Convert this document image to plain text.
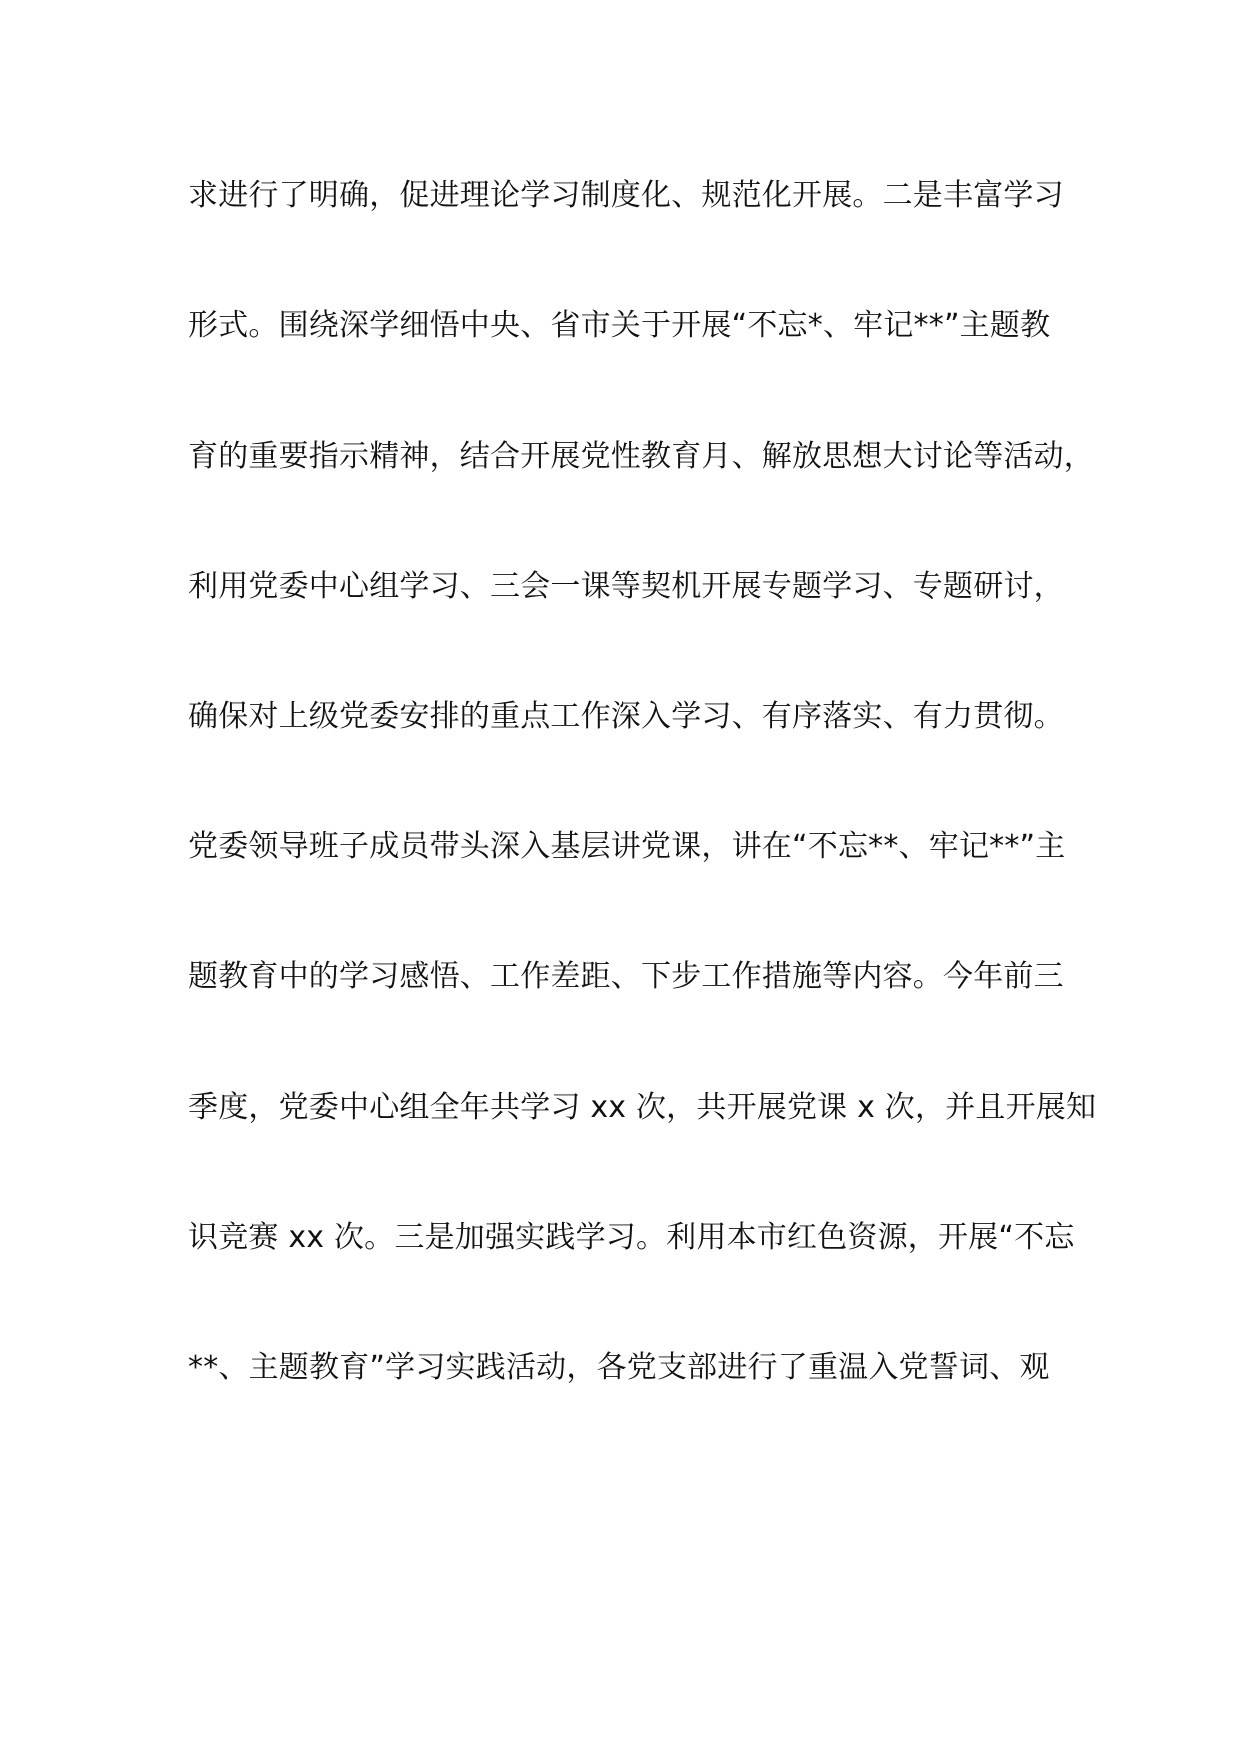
求进行了明确，促进理论学习制度化、规范化开展。二是丰富学习
形式。围绕深学细悟中央、省市关于开展“不忘*、牢记**”主题教
育的重要指示精神，结合开展党性教育月、解放思想大讨论等活动，
利用党委中心组学习、三会一课等契机开展专题学习、专题研讨，
确保对上级党委安排的重点工作深入学习、有序落实、有力贯彻。
党委领导班子成员带头深入基层讲党课，讲在“不忘**、牢记**”主
题教育中的学习感悟、工作差距、下步工作措施等内容。今年前三
季度，党委中心组全年共学习 xx 次，共开展党课 x 次，并且开展知
识竞赛 xx 次。三是加强实践学习。利用本市红色资源，开展“不忘
**、主题教育”学习实践活动，各党支部进行了重温入党誓词、观
